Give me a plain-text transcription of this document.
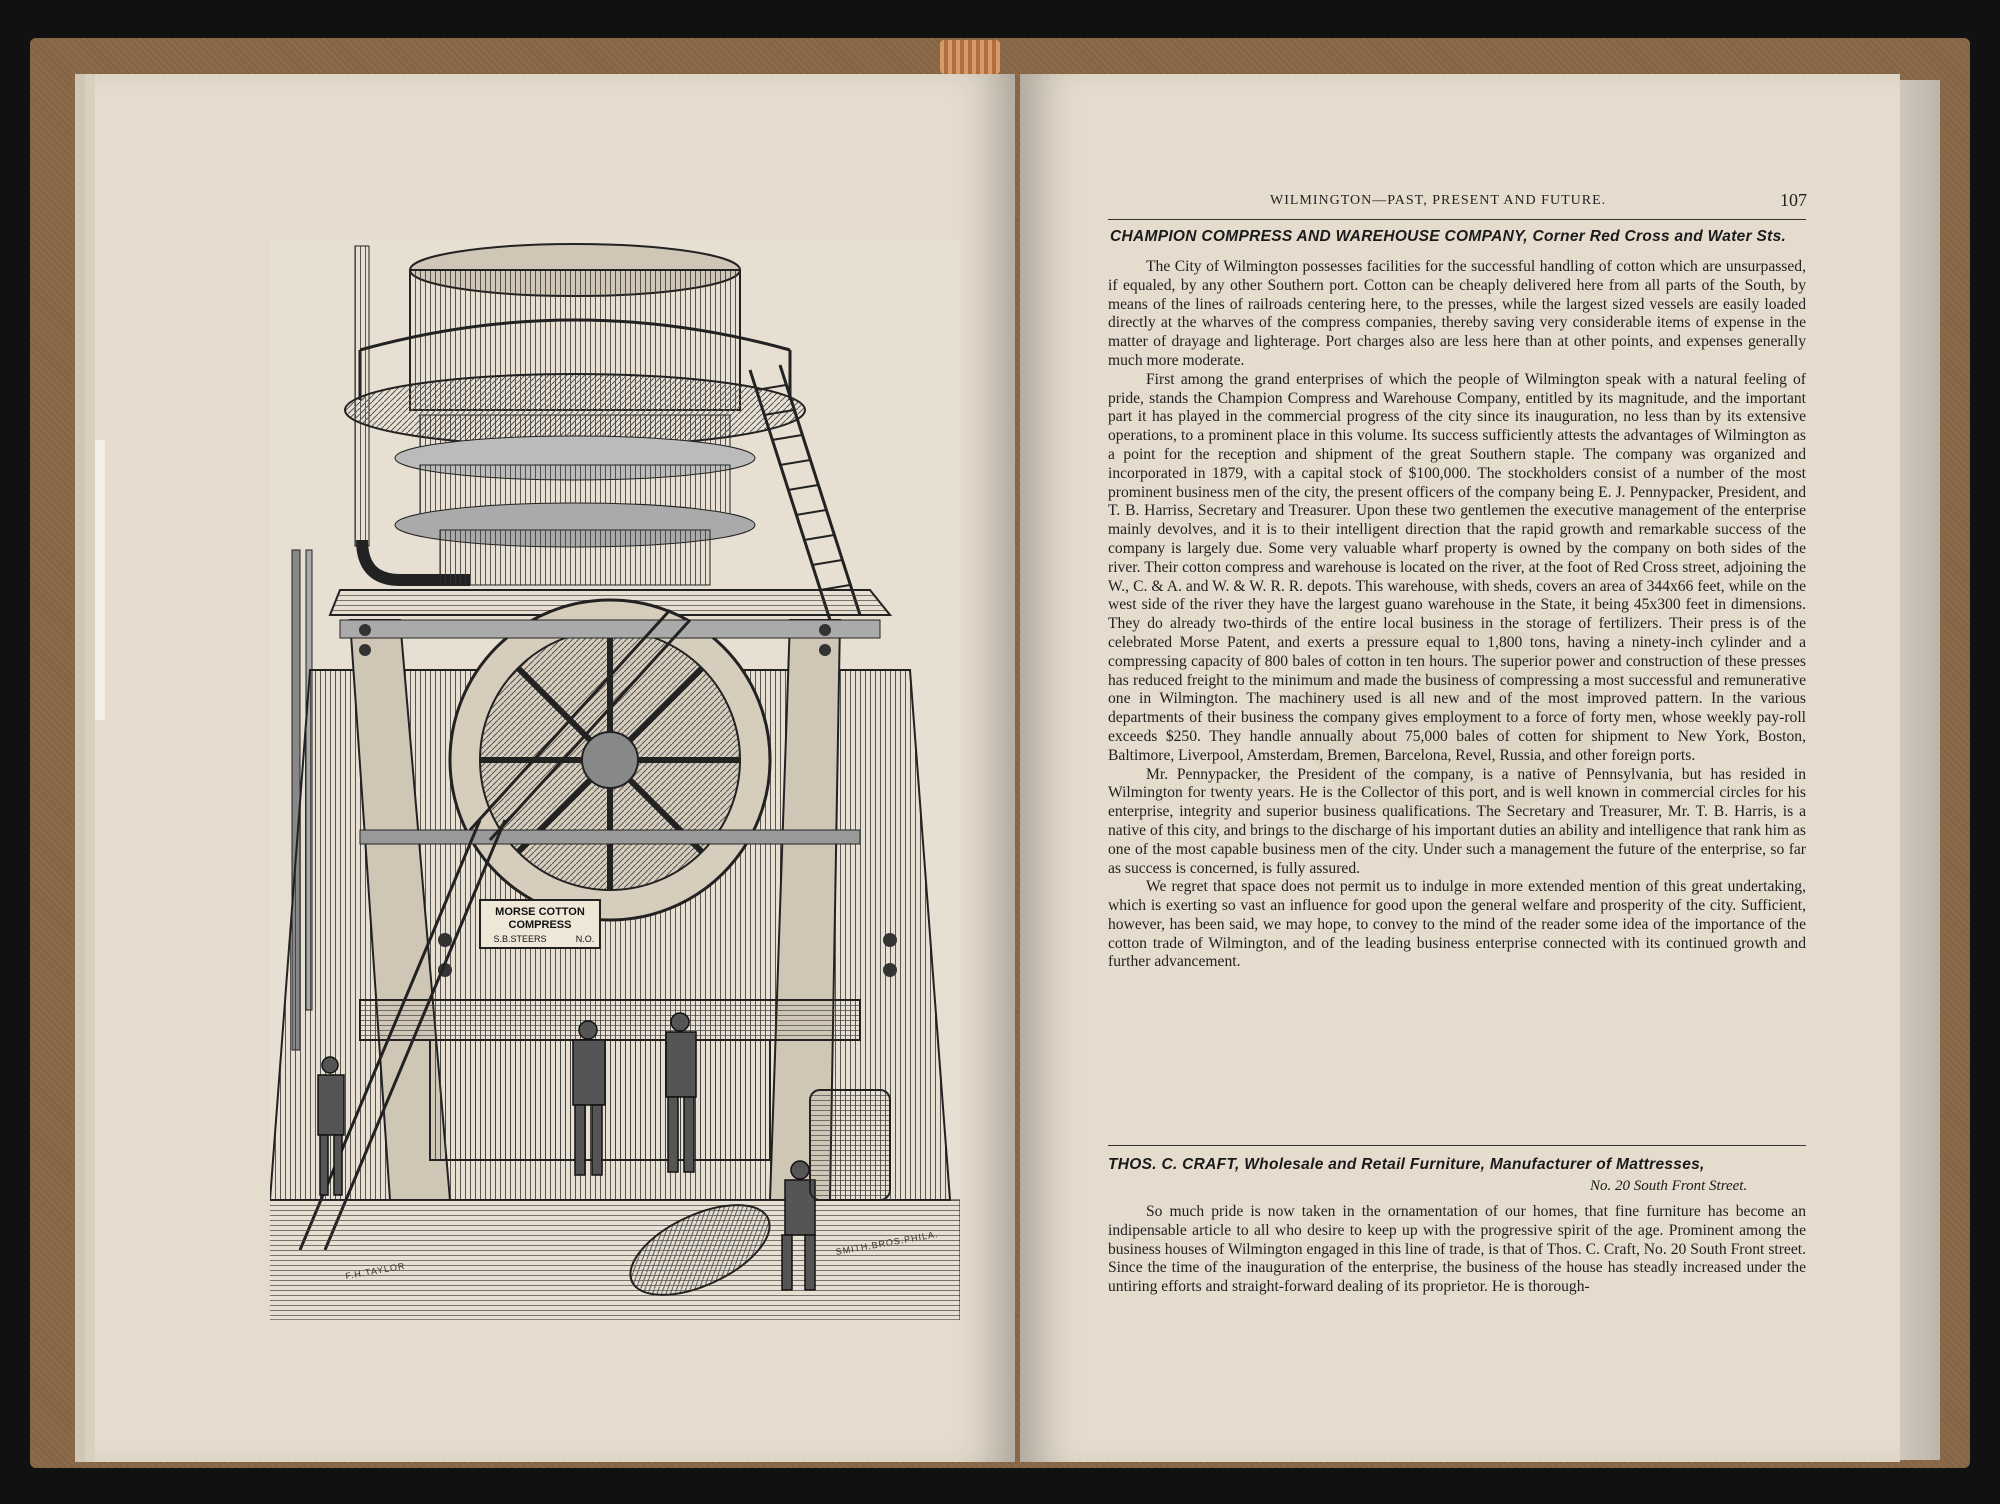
MORSE COTTON
COMPRESS
S.B.STEERS	N.O.
F.H.TAYLOR
SMITH.BROS.PHILA.
WILMINGTON—PAST, PRESENT AND FUTURE.	107
CHAMPION COMPRESS AND WAREHOUSE COMPANY, Corner Red Cross and Water Sts.

The City of Wilmington possesses facilities for the successful handling of cotton which are unsurpassed, if equaled, by any other Southern port. Cotton can be cheaply delivered here from all parts of the South, by means of the lines of railroads centering here, to the presses, while the largest sized vessels are easily loaded directly at the wharves of the compress companies, thereby saving very considerable items of expense in the matter of drayage and lighterage. Port charges also are less here than at other points, and expenses generally much more moderate.

First among the grand enterprises of which the people of Wilmington speak with a natural feeling of pride, stands the Champion Compress and Warehouse Company, entitled by its magnitude, and the important part it has played in the commercial progress of the city since its inauguration, no less than by its extensive operations, to a prominent place in this volume. Its success sufficiently attests the advantages of Wilmington as a point for the reception and shipment of the great Southern staple. The company was organized and incorporated in 1879, with a capital stock of $100,000. The stockholders consist of a number of the most prominent business men of the city, the present officers of the company being E. J. Pennypacker, President, and T. B. Harriss, Secretary and Treasurer. Upon these two gentlemen the executive management of the enterprise mainly devolves, and it is to their intelligent direction that the rapid growth and remarkable success of the company is largely due. Some very valuable wharf property is owned by the company on both sides of the river. Their cotton compress and warehouse is located on the river, at the foot of Red Cross street, adjoining the W., C. & A. and W. & W. R. R. depots. This warehouse, with sheds, covers an area of 344x66 feet, while on the west side of the river they have the largest guano warehouse in the State, it being 45x300 feet in dimensions. They do already two-thirds of the entire local business in the storage of fertilizers. Their press is of the celebrated Morse Patent, and exerts a pressure equal to 1,800 tons, having a ninety-inch cylinder and a compressing capacity of 800 bales of cotton in ten hours. The superior power and construction of these presses has reduced freight to the minimum and made the business of compressing a most successful and remunerative one in Wilmington. The machinery used is all new and of the most improved pattern. In the various departments of their business the company gives employment to a force of forty men, whose weekly pay-roll exceeds $250. They handle annually about 75,000 bales of cotten for shipment to New York, Boston, Baltimore, Liverpool, Amsterdam, Bremen, Barcelona, Revel, Russia, and other foreign ports.

Mr. Pennypacker, the President of the company, is a native of Pennsylvania, but has resided in Wilmington for twenty years. He is the Collector of this port, and is well known in commercial circles for his enterprise, integrity and superior business qualifications. The Secretary and Treasurer, Mr. T. B. Harris, is a native of this city, and brings to the discharge of his important duties an ability and intelligence that rank him as one of the most capable business men of the city. Under such a management the future of the enterprise, so far as success is concerned, is fully assured.

We regret that space does not permit us to indulge in more extended mention of this great undertaking, which is exerting so vast an influence for good upon the general welfare and prosperity of the city. Sufficient, however, has been said, we may hope, to convey to the mind of the reader some idea of the importance of the cotton trade of Wilmington, and of the leading business enterprise connected with its continued growth and further advancement.

THOS. C. CRAFT, Wholesale and Retail Furniture, Manufacturer of Mattresses,
No. 20 South Front Street.

So much pride is now taken in the ornamentation of our homes, that fine furniture has become an indipensable article to all who desire to keep up with the progressive spirit of the age. Prominent among the business houses of Wilmington engaged in this line of trade, is that of Thos. C. Craft, No. 20 South Front street. Since the time of the inauguration of the enterprise, the business of the house has steadly increased under the untiring efforts and straight-forward dealing of its proprietor. He is thorough-
